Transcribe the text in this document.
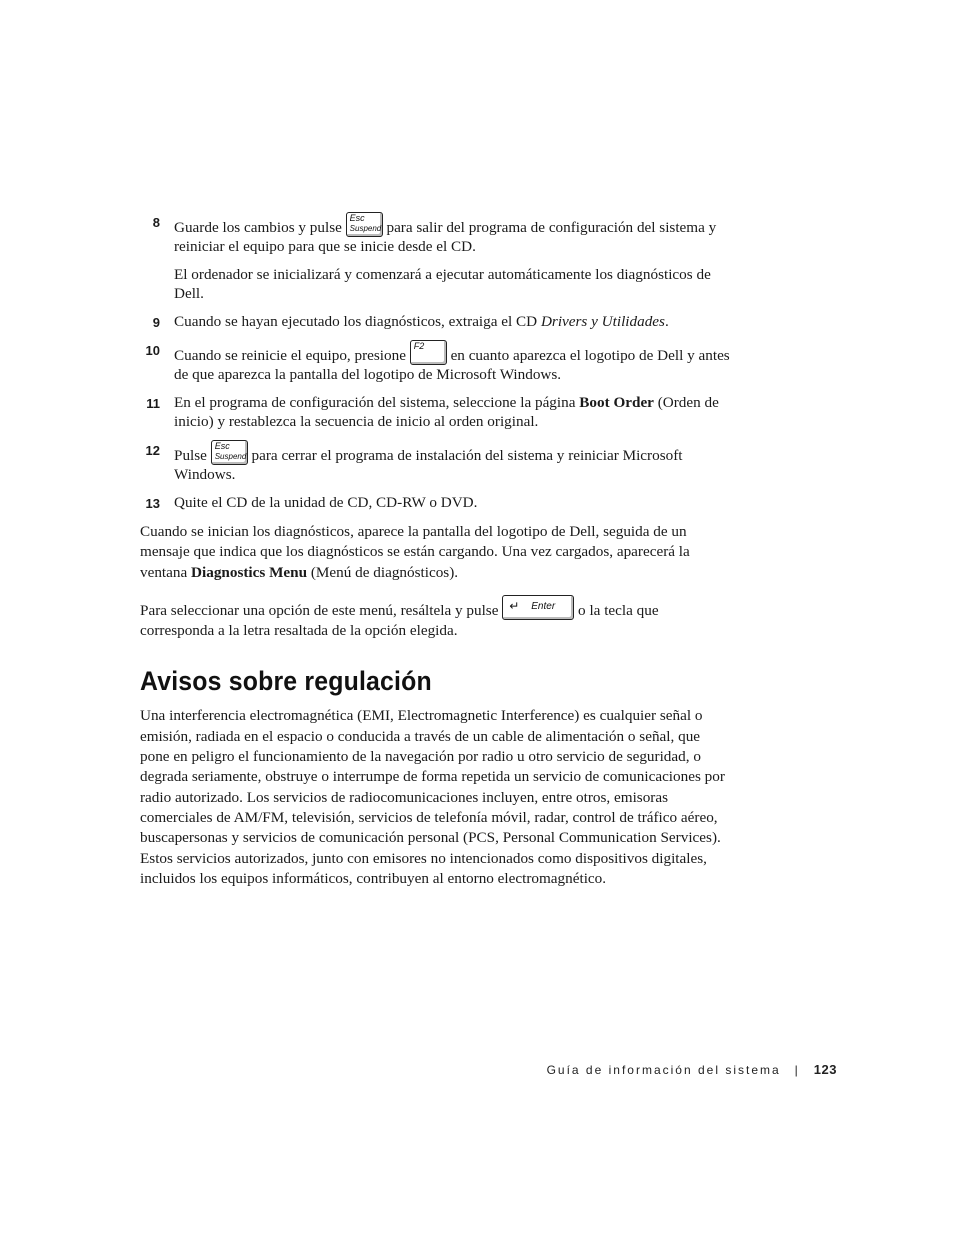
8 Guarde los cambios y pulse
Esc
Suspend para salir del programa de configuración del sistema y reiniciar el equipo para que se inicie desde el CD.

El ordenador se inicializará y comenzará a ejecutar automáticamente los diagnósticos de Dell.

9 Cuando se hayan ejecutado los diagnósticos, extraiga el CD Drivers y Utilidades.

10 Cuando se reinicie el equipo, presione
F2
en cuanto aparezca el logotipo de Dell y antes de que aparezca la pantalla del logotipo de Microsoft Windows.

11 En el programa de configuración del sistema, seleccione la página Boot Order (Orden de inicio) y restablezca la secuencia de inicio al orden original.

12 Pulse
Esc
Suspend para cerrar el programa de instalación del sistema y reiniciar Microsoft Windows.

13 Quite el CD de la unidad de CD, CD-RW o DVD.

Cuando se inician los diagnósticos, aparece la pantalla del logotipo de Dell, seguida de un mensaje que indica que los diagnósticos se están cargando. Una vez cargados, aparecerá la ventana Diagnostics Menu (Menú de diagnósticos).

Para seleccionar una opción de este menú, resáltela y pulse ↵ Enter o la tecla que corresponda a la letra resaltada de la opción elegida.

Avisos sobre regulación

Una interferencia electromagnética (EMI, Electromagnetic Interference) es cualquier señal o emisión, radiada en el espacio o conducida a través de un cable de alimentación o señal, que pone en peligro el funcionamiento de la navegación por radio u otro servicio de seguridad, o degrada seriamente, obstruye o interrumpe de forma repetida un servicio de comunicaciones por radio autorizado. Los servicios de radiocomunicaciones incluyen, entre otros, emisoras comerciales de AM/FM, televisión, servicios de telefonía móvil, radar, control de tráfico aéreo, buscapersonas y servicios de comunicación personal (PCS, Personal Communication Services). Estos servicios autorizados, junto con emisores no intencionados como dispositivos digitales, incluidos los equipos informáticos, contribuyen al entorno electromagnético.

Guía de información del sistema | 123
